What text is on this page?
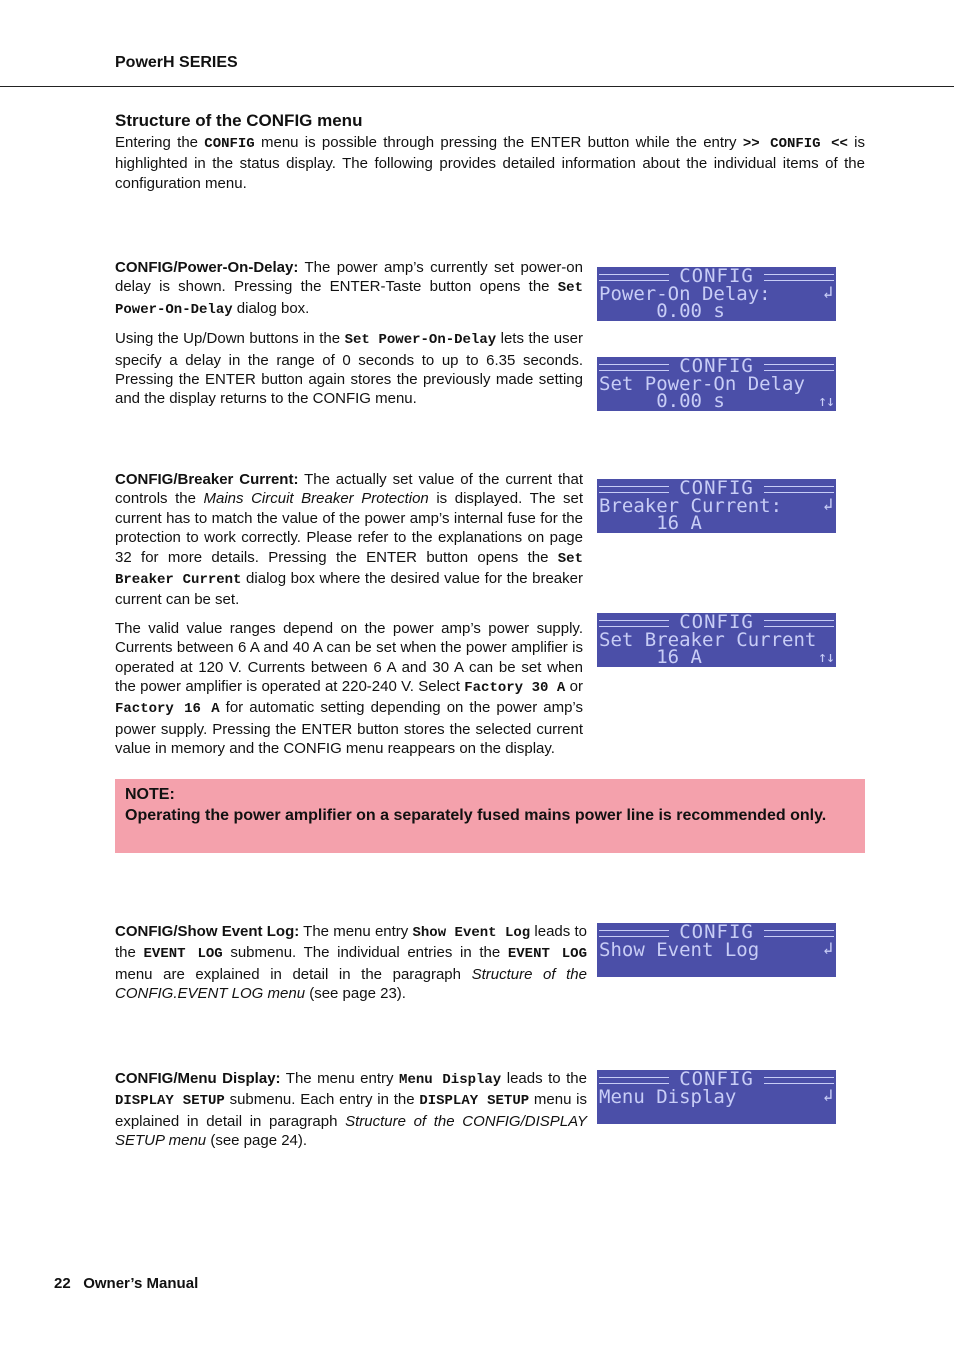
PowerH SERIES
Structure of the CONFIG menu

Entering the CONFIG menu is possible through pressing the ENTER button while the entry >> CONFIG << is highlighted in the status display. The following provides detailed information about the individual items of the configuration menu.

CONFIG/Power-On-Delay: The power amp’s currently set power-on delay is shown. Pressing the ENTER-Taste button opens the Set Power-On-Delay dialog box.

Using the Up/Down buttons in the Set Power-On-Delay lets the user specify a delay in the range of 0 seconds to up to 6.35 seconds. Pressing the ENTER button again stores the previously made setting and the display returns to the CONFIG menu.

CONFIG/Breaker Current: The actually set value of the current that controls the Mains Circuit Breaker Protection is displayed. The set current has to match the value of the power amp’s internal fuse for the protection to work correctly. Please refer to the explanations on page 32 for more details. Pressing the ENTER button opens the Set Breaker Current dialog box where the desired value for the breaker current can be set.

The valid value ranges depend on the power amp’s power supply. Currents between 6 A and 40 A can be set when the power amplifier is operated at 120 V. Currents between 6 A and 30 A can be set when the power amplifier is operated at 220-240 V. Select Factory 30 A or Factory 16 A for automatic setting depending on the power amp’s power supply. Pressing the ENTER button stores the selected current value in memory and the CONFIG menu reappears on the display.

NOTE:
Operating the power amplifier on a separately fused mains power line is recommended only.

CONFIG/Show Event Log: The menu entry Show Event Log leads to the EVENT LOG submenu. The individual entries in the EVENT LOG menu are explained in detail in the paragraph Structure of the CONFIG.EVENT LOG menu (see page 23).

CONFIG/Menu Display: The menu entry Menu Display leads to the DISPLAY SETUP submenu. Each entry in the DISPLAY SETUP menu is explained in detail in paragraph Structure of the CONFIG/DISPLAY SETUP menu (see page 24).

CONFIG
Power-On Delay:
0.00 s
↲
CONFIG
Set Power-On Delay
0.00 s	↑↓
CONFIG
Breaker Current:
16 A
↲
CONFIG
Set Breaker Current
16 A	↑↓
CONFIG
Show Event Log	↲
CONFIG
Menu Display	↲
22 Owner’s Manual
